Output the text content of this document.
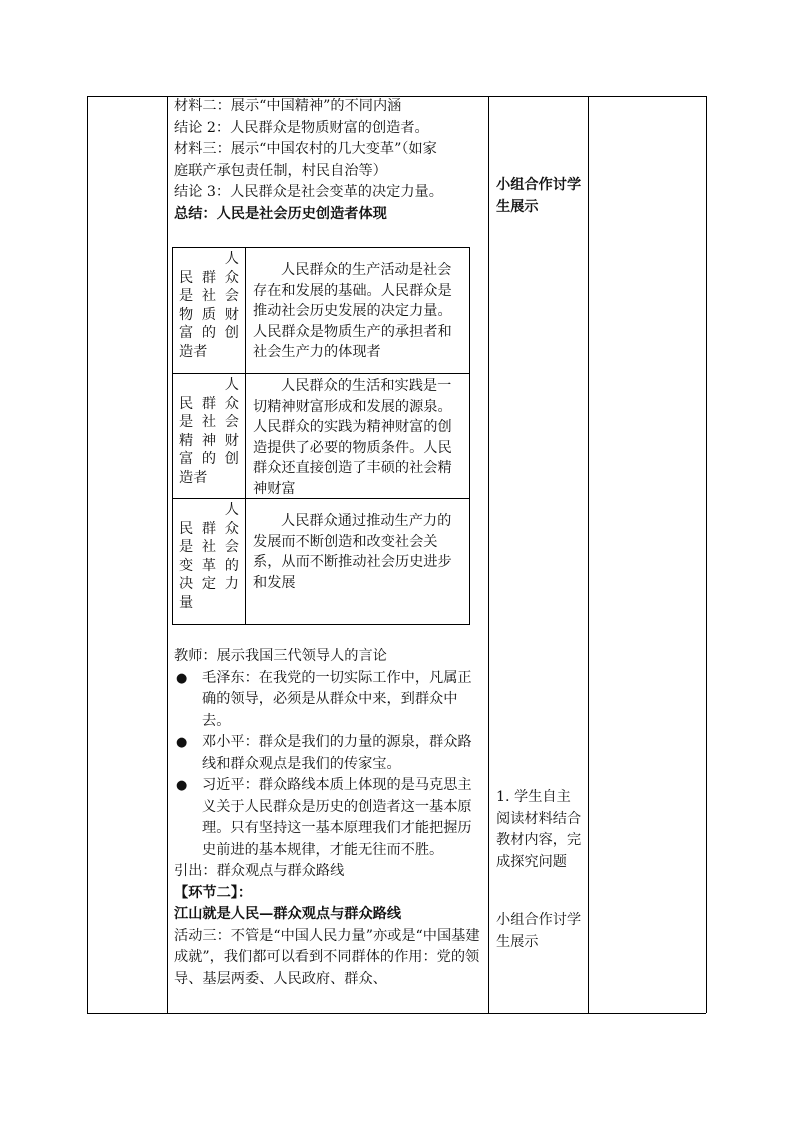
材料二：展示“中国精神”的不同内涵

结论 2：人民群众是物质财富的创造者。

材料三：展示“中国农村的几大变革”（如家

庭联产承包责任制，村民自治等）

结论 3：人民群众是社会变革的决定力量。

总结：人民是社会历史创造者体现

人
民 群 众
是 社 会
物 质 财
富 的 创
造者
人民群众的生产活动是社会存在和发展的基础。人民群众是推动社会历史发展的决定力量。人民群众是物质生产的承担者和社会生产力的体现者
人
民 群 众
是 社 会
精 神 财
富 的 创
造者
人民群众的生活和实践是一切精神财富形成和发展的源泉。人民群众的实践为精神财富的创造提供了必要的物质条件。人民群众还直接创造了丰硕的社会精神财富
人
民 群 众
是 社 会
变 革 的
决 定 力
量
人民群众通过推动生产力的发展而不断创造和改变社会关系，从而不断推动社会历史进步和发展

教师：展示我国三代领导人的言论

● 毛泽东：在我党的一切实际工作中，凡属正确的领导，必须是从群众中来，到群众中去。
● 邓小平：群众是我们的力量的源泉，群众路线和群众观点是我们的传家宝。
● 习近平：群众路线本质上体现的是马克思主义关于人民群众是历史的创造者这一基本原理。只有坚持这一基本原理我们才能把握历史前进的基本规律，才能无往而不胜。

引出：群众观点与群众路线

【环节二】：

江山就是人民—群众观点与群众路线

活动三：不管是“中国人民力量”亦或是“中国基建成就”，我们都可以看到不同群体的作用：党的领导、基层两委、人民政府、群众、

小组合作讨学生展示

1. 学生自主阅读材料结合教材内容，完成探究问题

小组合作讨学生展示
